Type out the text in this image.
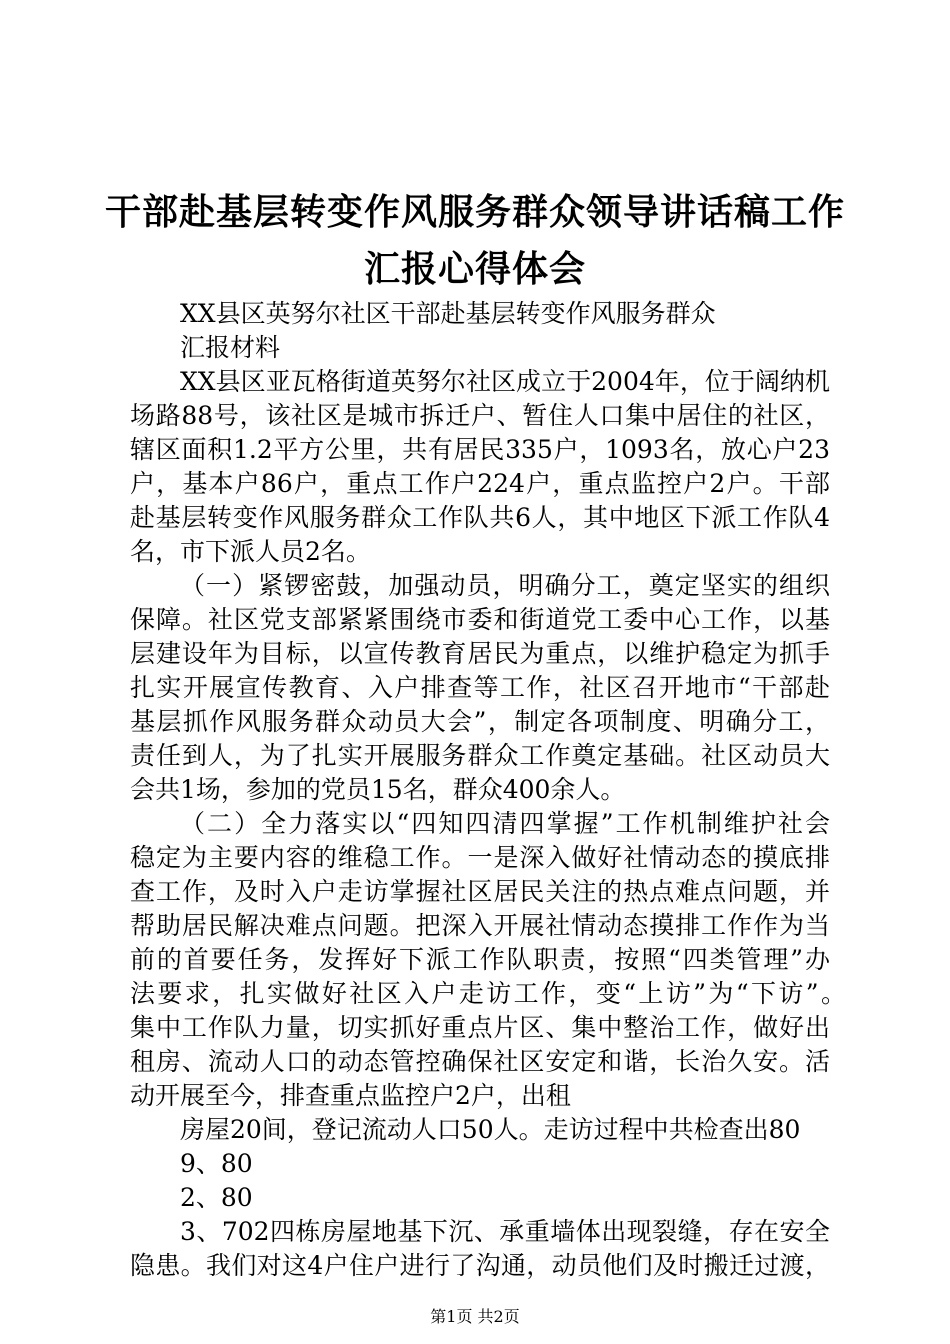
干部赴基层转变作风服务群众领导讲话稿工作
汇报心得体会

XX县区英努尔社区干部赴基层转变作风服务群众

汇报材料

XX县区亚瓦格街道英努尔社区成立于2004年，位于阔纳机

场路88号，该社区是城市拆迁户、暂住人口集中居住的社区，

辖区面积1.2平方公里，共有居民335户，1093名，放心户23

户，基本户86户，重点工作户224户，重点监控户2户。干部

赴基层转变作风服务群众工作队共6人，其中地区下派工作队4

名，市下派人员2名。

（一）紧锣密鼓，加强动员，明确分工，奠定坚实的组织

保障。社区党支部紧紧围绕市委和街道党工委中心工作，以基

层建设年为目标，以宣传教育居民为重点，以维护稳定为抓手

扎实开展宣传教育、入户排查等工作，社区召开地市“干部赴

基层抓作风服务群众动员大会”，制定各项制度、明确分工，

责任到人，为了扎实开展服务群众工作奠定基础。社区动员大

会共1场，参加的党员15名，群众400余人。

（二）全力落实以“四知四清四掌握”工作机制维护社会

稳定为主要内容的维稳工作。一是深入做好社情动态的摸底排

查工作，及时入户走访掌握社区居民关注的热点难点问题，并

帮助居民解决难点问题。把深入开展社情动态摸排工作作为当

前的首要任务，发挥好下派工作队职责，按照“四类管理”办

法要求，扎实做好社区入户走访工作，变“上访”为“下访”。

集中工作队力量，切实抓好重点片区、集中整治工作，做好出

租房、流动人口的动态管控确保社区安定和谐，长治久安。活

动开展至今，排查重点监控户2户，出租

房屋20间，登记流动人口50人。走访过程中共检查出80

9、80

2、80

3、702四栋房屋地基下沉、承重墙体出现裂缝，存在安全

隐患。我们对这4户住户进行了沟通，动员他们及时搬迁过渡，

第1页 共2页
